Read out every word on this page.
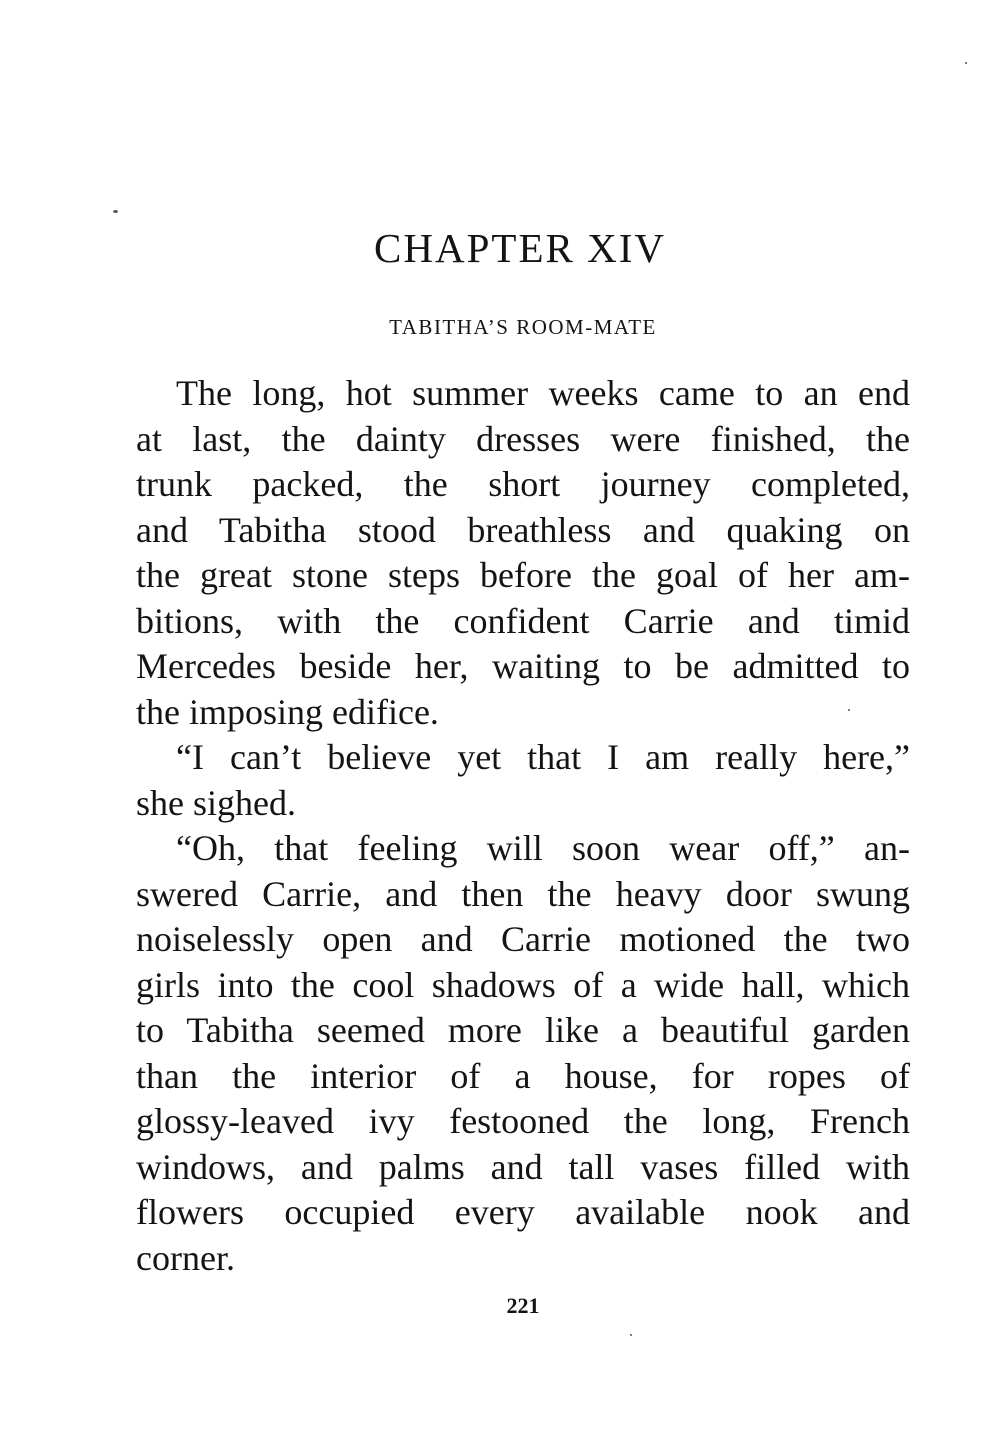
CHAPTER XIV
TABITHA’S ROOM-MATE
The long, hot summer weeks came to an end
at last, the dainty dresses were finished, the
trunk packed, the short journey completed,
and Tabitha stood breathless and quaking on
the great stone steps before the goal of her am-
bitions, with the confident Carrie and timid
Mercedes beside her, waiting to be admitted to
the imposing edifice.
“I can’t believe yet that I am really here,”
she sighed.
“Oh, that feeling will soon wear off,” an-
swered Carrie, and then the heavy door swung
noiselessly open and Carrie motioned the two
girls into the cool shadows of a wide hall, which
to Tabitha seemed more like a beautiful garden
than the interior of a house, for ropes of
glossy-leaved ivy festooned the long, French
windows, and palms and tall vases filled with
flowers occupied every available nook and
corner.
221
